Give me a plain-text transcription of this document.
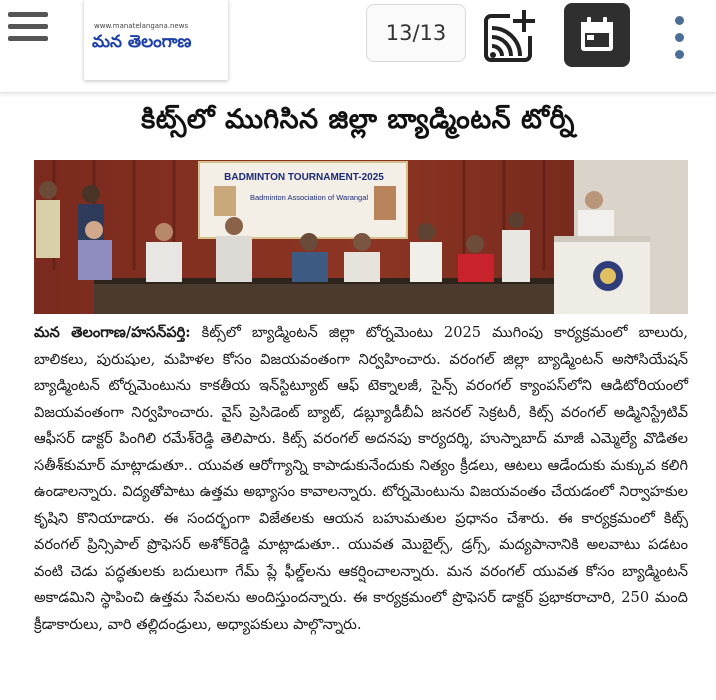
www.manatelangana.news
మన తెలంగాణ	13/13
కిట్స్‌లో ముగిసిన జిల్లా బ్యాడ్మింటన్ టోర్నీ
BADMINTON TOURNAMENT-2025
Badminton Association of Warangal
మన తెలంగాణ/హసన్‌పర్తి: కిట్స్‌లో బ్యాడ్మింటన్ జిల్లా టోర్నమెంటు 2025 ముగింపు కార్యక్రమంలో బాలురు, బాలికలు, పురుషుల, మహిళల కోసం విజయవంతంగా నిర్వహించారు. వరంగల్ జిల్లా బ్యాడ్మింటన్ అసోసియేషన్ బ్యాడ్మింటన్ టోర్నమెంటును కాకతీయ ఇన్‌స్టిట్యూట్ ఆఫ్ టెక్నాలజీ, సైన్స్ వరంగల్ క్యాంపస్‌లోని ఆడిటోరియంలో విజయవంతంగా నిర్వహించారు. వైస్ ప్రెసిడెంట్ బ్యాట్, డబ్ల్యూడీబీఏ జనరల్ సెక్రటరీ, కిట్స్ వరంగల్ అడ్మినిస్ట్రేటివ్ ఆఫీసర్ డాక్టర్ పింగిలి రమేశ్‌రెడ్డి తెలిపారు. కిట్స్ వరంగల్ అదనపు కార్యదర్శి, హుస్నాబాద్ మాజీ ఎమ్మెల్యే వొడితల సతీశ్‌కుమార్ మాట్లాడుతూ.. యువత ఆరోగ్యాన్ని కాపాడుకునేందుకు నిత్యం క్రీడలు, ఆటలు ఆడేందుకు మక్కువ కలిగి ఉండాలన్నారు. విద్యతోపాటు ఉత్తమ అభ్యాసం కావాలన్నారు. టోర్నమెంటును విజయవంతం చేయడంలో నిర్వాహకుల కృషిని కొనియాడారు. ఈ సందర్భంగా విజేతలకు ఆయన బహుమతుల ప్రధానం చేశారు. ఈ కార్యక్రమంలో కిట్స్ వరంగల్ ప్రిన్సిపాల్ ప్రొఫెసర్ అశోక్‌రెడ్డి మాట్లాడుతూ.. యువత మొబైల్స్, డ్రగ్స్, మద్యపానానికి అలవాటు పడటం వంటి చెడు పద్ధతులకు బదులుగా గేమ్ ప్లే ఫీల్డ్‌లను ఆకర్షించాలన్నారు. మన వరంగల్ యువత కోసం బ్యాడ్మింటన్ అకాడమిని స్థాపించి ఉత్తమ సేవలను అందిస్తుందన్నారు. ఈ కార్యక్రమంలో ప్రొఫెసర్ డాక్టర్ ప్రభాకరాచారి, 250 మంది క్రీడాకారులు, వారి తల్లిదండ్రులు, అధ్యాపకులు పాల్గొన్నారు.
